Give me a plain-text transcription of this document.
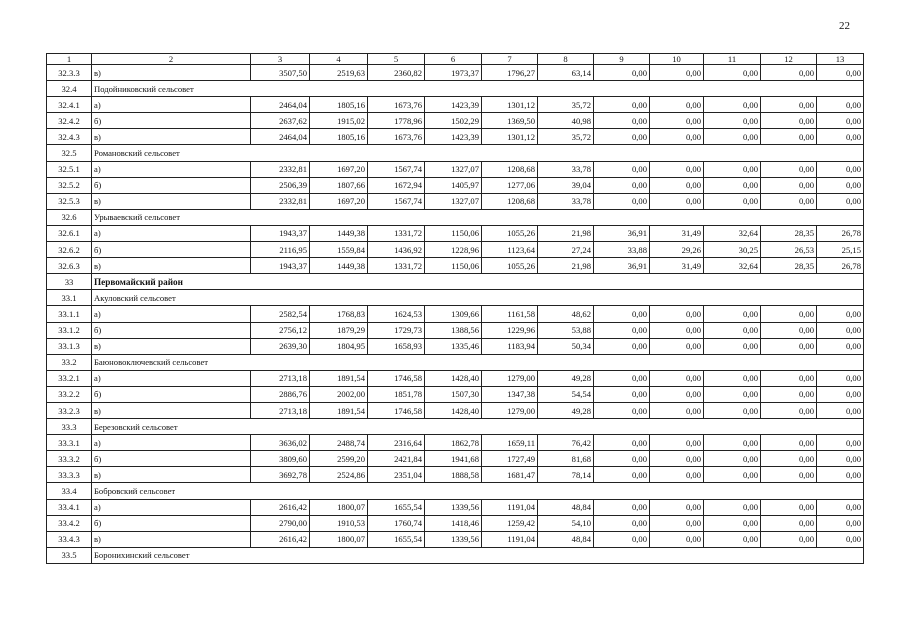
22
1	2	3	4	5	6	7	8	9	10	11	12	13
32.3.3	в)	3507,50	2519,63	2360,82	1973,37	1796,27	63,14	0,00	0,00	0,00	0,00	0,00
32.4	Подойниковский сельсовет											
32.4.1	а)	2464,04	1805,16	1673,76	1423,39	1301,12	35,72	0,00	0,00	0,00	0,00	0,00
32.4.2	б)	2637,62	1915,02	1778,96	1502,29	1369,50	40,98	0,00	0,00	0,00	0,00	0,00
32.4.3	в)	2464,04	1805,16	1673,76	1423,39	1301,12	35,72	0,00	0,00	0,00	0,00	0,00
32.5	Романовский сельсовет											
32.5.1	а)	2332,81	1697,20	1567,74	1327,07	1208,68	33,78	0,00	0,00	0,00	0,00	0,00
32.5.2	б)	2506,39	1807,66	1672,94	1405,97	1277,06	39,04	0,00	0,00	0,00	0,00	0,00
32.5.3	в)	2332,81	1697,20	1567,74	1327,07	1208,68	33,78	0,00	0,00	0,00	0,00	0,00
32.6	Урываевский сельсовет											
32.6.1	а)	1943,37	1449,38	1331,72	1150,06	1055,26	21,98	36,91	31,49	32,64	28,35	26,78
32.6.2	б)	2116,95	1559,84	1436,92	1228,96	1123,64	27,24	33,88	29,26	30,25	26,53	25,15
32.6.3	в)	1943,37	1449,38	1331,72	1150,06	1055,26	21,98	36,91	31,49	32,64	28,35	26,78
33	Первомайский район											
33.1	Акуловский сельсовет											
33.1.1	а)	2582,54	1768,83	1624,53	1309,66	1161,58	48,62	0,00	0,00	0,00	0,00	0,00
33.1.2	б)	2756,12	1879,29	1729,73	1388,56	1229,96	53,88	0,00	0,00	0,00	0,00	0,00
33.1.3	в)	2639,30	1804,95	1658,93	1335,46	1183,94	50,34	0,00	0,00	0,00	0,00	0,00
33.2	Баюновоключевский сельсовет											
33.2.1	а)	2713,18	1891,54	1746,58	1428,40	1279,00	49,28	0,00	0,00	0,00	0,00	0,00
33.2.2	б)	2886,76	2002,00	1851,78	1507,30	1347,38	54,54	0,00	0,00	0,00	0,00	0,00
33.2.3	в)	2713,18	1891,54	1746,58	1428,40	1279,00	49,28	0,00	0,00	0,00	0,00	0,00
33.3	Березовский сельсовет											
33.3.1	а)	3636,02	2488,74	2316,64	1862,78	1659,11	76,42	0,00	0,00	0,00	0,00	0,00
33.3.2	б)	3809,60	2599,20	2421,84	1941,68	1727,49	81,68	0,00	0,00	0,00	0,00	0,00
33.3.3	в)	3692,78	2524,86	2351,04	1888,58	1681,47	78,14	0,00	0,00	0,00	0,00	0,00
33.4	Бобровский сельсовет											
33.4.1	а)	2616,42	1800,07	1655,54	1339,56	1191,04	48,84	0,00	0,00	0,00	0,00	0,00
33.4.2	б)	2790,00	1910,53	1760,74	1418,46	1259,42	54,10	0,00	0,00	0,00	0,00	0,00
33.4.3	в)	2616,42	1800,07	1655,54	1339,56	1191,04	48,84	0,00	0,00	0,00	0,00	0,00
33.5	Боронихинский сельсовет											
